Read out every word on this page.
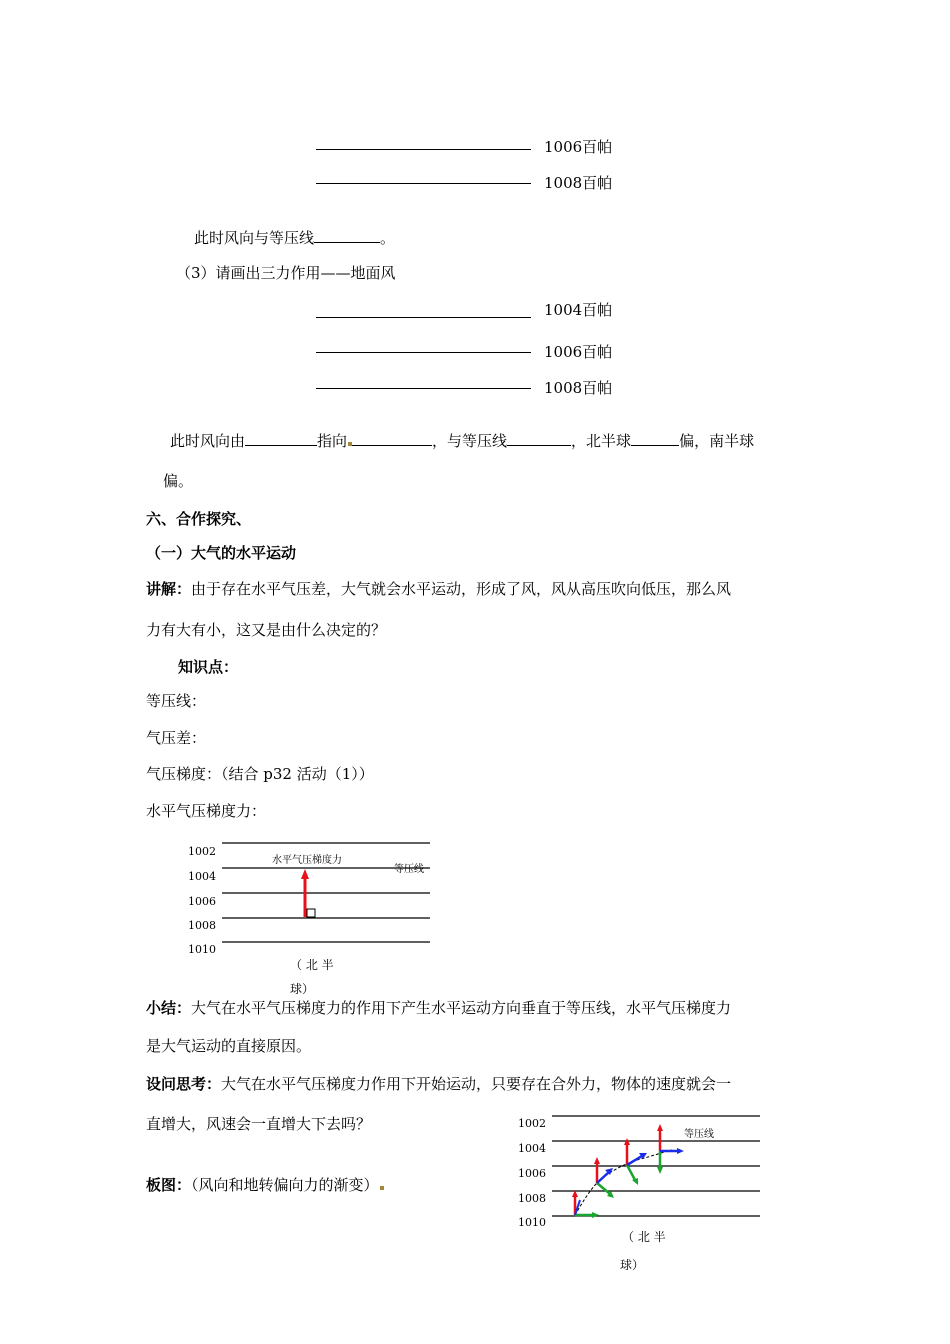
1006百帕
1008百帕
此时风向与等压线	。
（3）请画出三力作用——地面风
1004百帕
1006百帕
1008百帕
此时风向由	指向	，与等压线	，北半球	偏，南半球
偏。
六、合作探究、
（一）大气的水平运动
讲解：由于存在水平气压差，大气就会水平运动，形成了风，风从高压吹向低压，那么风
力有大有小，这又是由什么决定的？
知识点：
等压线：
气压差：
气压梯度：（结合 p32 活动（1））
水平气压梯度力：
1002
1004
1006
1008
1010
水平气压梯度力
等压线
（ 北 半
球）
小结：大气在水平气压梯度力的作用下产生水平运动方向垂直于等压线，水平气压梯度力
是大气运动的直接原因。
设问思考：大气在水平气压梯度力作用下开始运动，只要存在合外力，物体的速度就会一
直增大，风速会一直增大下去吗？
板图：（风向和地转偏向力的渐变）
1002
1004
1006
1008
1010
等压线
（ 北 半
球）
